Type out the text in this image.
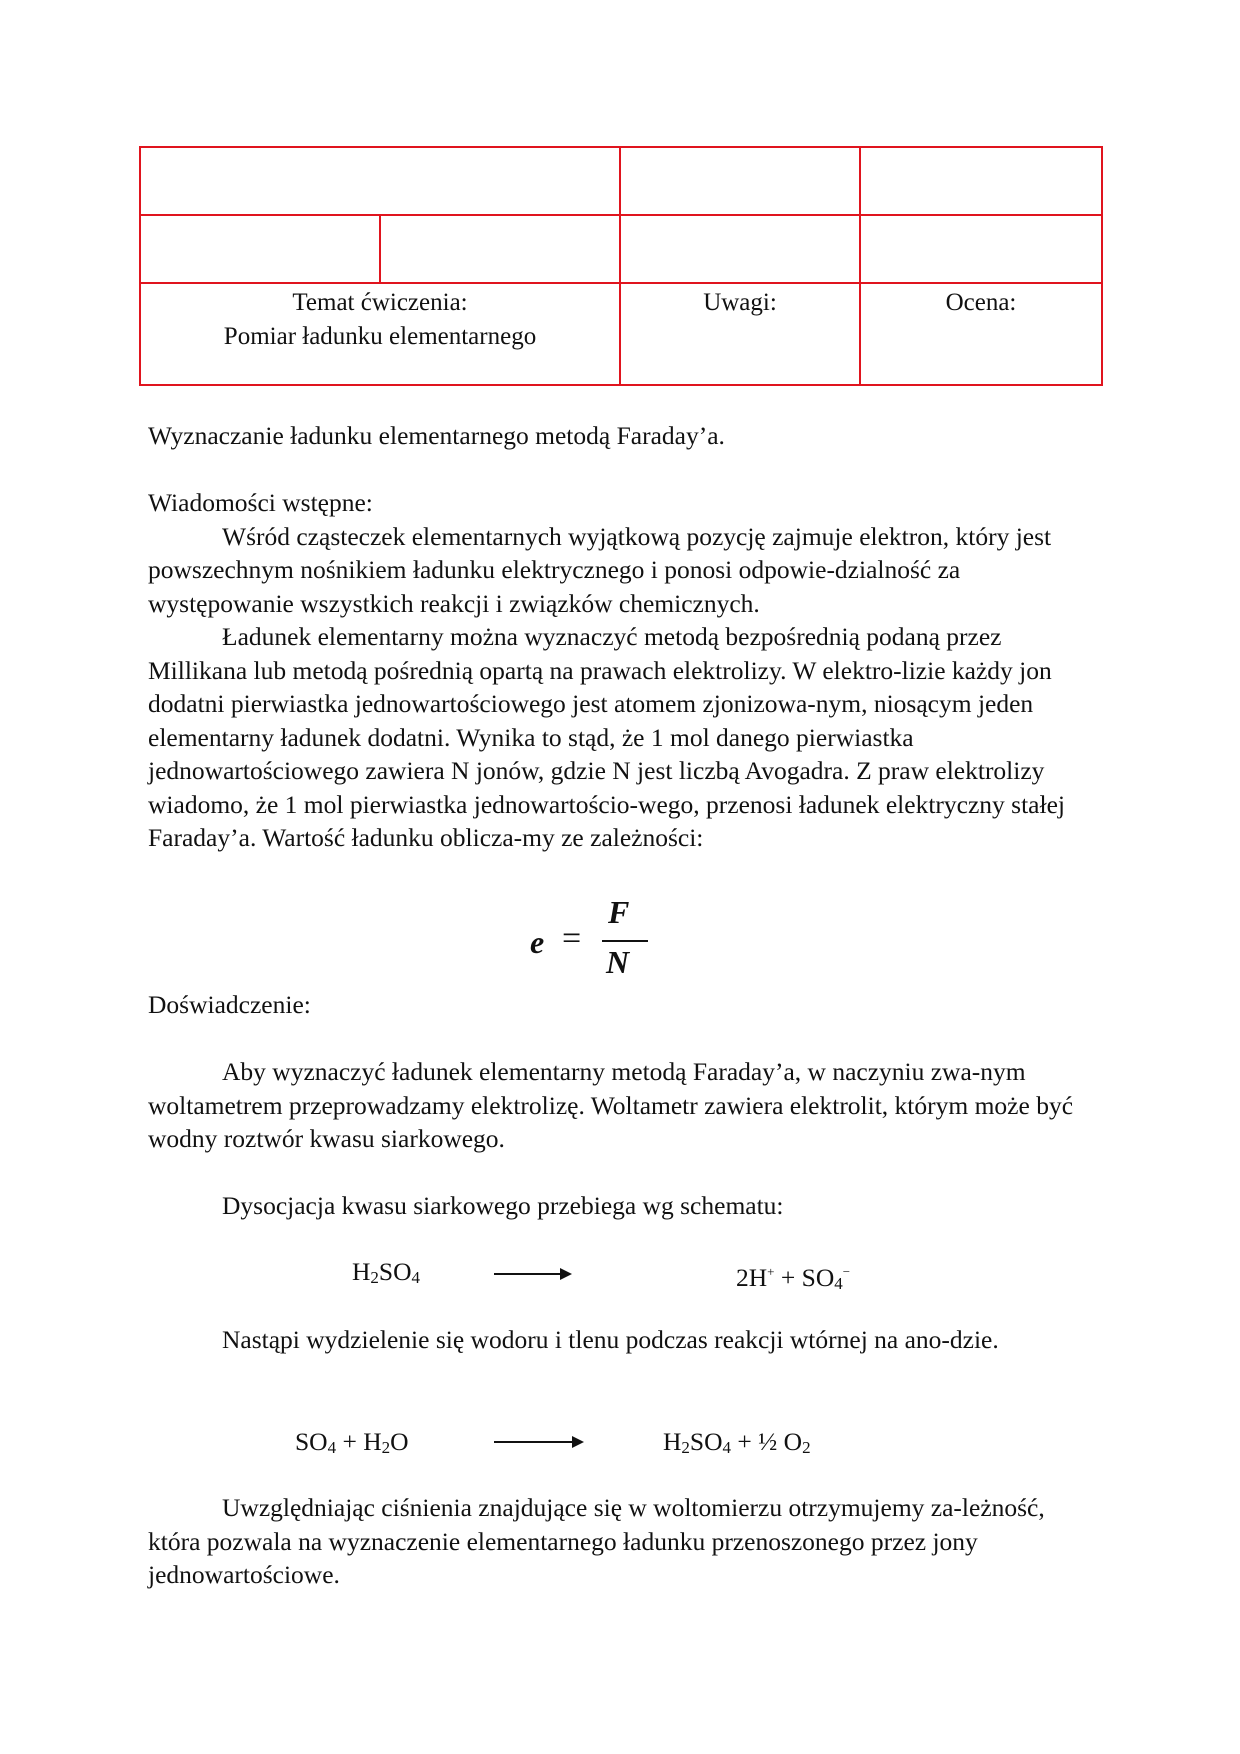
Temat ćwiczenia:
Pomiar ładunku elementarnego		Uwagi:	Ocena:
Wyznaczanie ładunku elementarnego metodą Faraday’a.

Wiadomości wstępne:

Wśród cząsteczek elementarnych wyjątkową pozycję zajmuje elektron, który jest powszechnym nośnikiem ładunku elektrycznego i ponosi odpowie-dzialność za występowanie wszystkich reakcji i związków chemicznych.

Ładunek elementarny można wyznaczyć metodą bezpośrednią podaną przez Millikana lub metodą pośrednią opartą na prawach elektrolizy. W elektro-lizie każdy jon dodatni pierwiastka jednowartościowego jest atomem zjonizowa-nym, niosącym jeden elementarny ładunek dodatni. Wynika to stąd, że 1 mol danego pierwiastka jednowartościowego zawiera N jonów, gdzie N jest liczbą Avogadra. Z praw elektrolizy wiadomo, że 1 mol pierwiastka jednowartościo-wego, przenosi ładunek elektryczny stałej Faraday’a. Wartość ładunku oblicza-my ze zależności:

e =
F
N
Doświadczenie:

Aby wyznaczyć ładunek elementarny metodą Faraday’a, w naczyniu zwa-nym woltametrem przeprowadzamy elektrolizę. Woltametr zawiera elektrolit, którym może być wodny roztwór kwasu siarkowego.

Dysocjacja kwasu siarkowego przebiega wg schematu:

$H_2SO_4$	$2H^+ + SO_4^-$

Nastąpi wydzielenie się wodoru i tlenu podczas reakcji wtórnej na ano-dzie.

$SO_4 + H_2O$	$H_2SO_4$ + ½ $O_2$

Uwzględniając ciśnienia znajdujące się w woltomierzu otrzymujemy za-leżność, która pozwala na wyznaczenie elementarnego ładunku przenoszonego przez jony jednowartościowe.
